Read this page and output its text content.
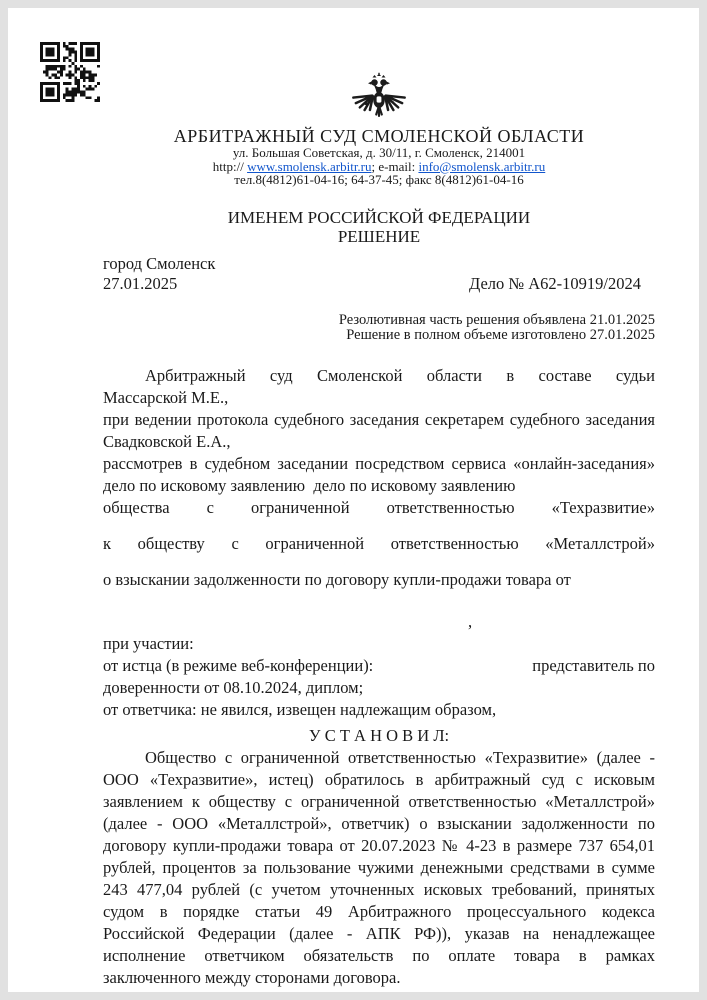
АРБИТРАЖНЫЙ СУД СМОЛЕНСКОЙ ОБЛАСТИ
ул. Большая Советская, д. 30/11, г. Смоленск, 214001
http:// www.smolensk.arbitr.ru; e-mail: info@smolensk.arbitr.ru
тел.8(4812)61-04-16; 64-37-45; факс 8(4812)61-04-16
ИМЕНЕМ РОССИЙСКОЙ ФЕДЕРАЦИИ
РЕШЕНИЕ
город Смоленск
27.01.2025	Дело № А62-10919/2024
Резолютивная часть решения объявлена 21.01.2025
Решение в полном объеме изготовлено 27.01.2025
Арбитражный суд Смоленской области в составе судьи
Массарской М.Е.,
при ведении протокола судебного заседания секретарем судебного заседания
Свадковской Е.А.,
рассмотрев в судебном заседании посредством сервиса «онлайн-заседания»
дело по исковому заявлению  дело по исковому заявлению
общества с ограниченной ответственностью «Техразвитие»
к обществу с ограниченной ответственностью «Металлстрой»
о взыскании задолженности по договору купли-продажи товара от
,
при участии:
от истца (в режиме веб-конференции):	представитель по
доверенности от 08.10.2024, диплом;
от ответчика: не явился, извещен надлежащим образом,
У С Т А Н О В И Л:
Общество с ограниченной ответственностью «Техразвитие» (далее -
ООО «Техразвитие», истец) обратилось в арбитражный суд с исковым
заявлением к обществу с ограниченной ответственностью «Металлстрой»
(далее - ООО «Металлстрой», ответчик) о взыскании задолженности по
договору купли-продажи товара от 20.07.2023 № 4-23 в размере 737 654,01
рублей, процентов за пользование чужими денежными средствами в сумме
243 477,04 рублей (с учетом уточненных исковых требований, принятых
судом в порядке статьи 49 Арбитражного процессуального кодекса
Российской Федерации (далее - АПК РФ)), указав на ненадлежащее
исполнение ответчиком обязательств по оплате товара в рамках
заключенного между сторонами договора.
